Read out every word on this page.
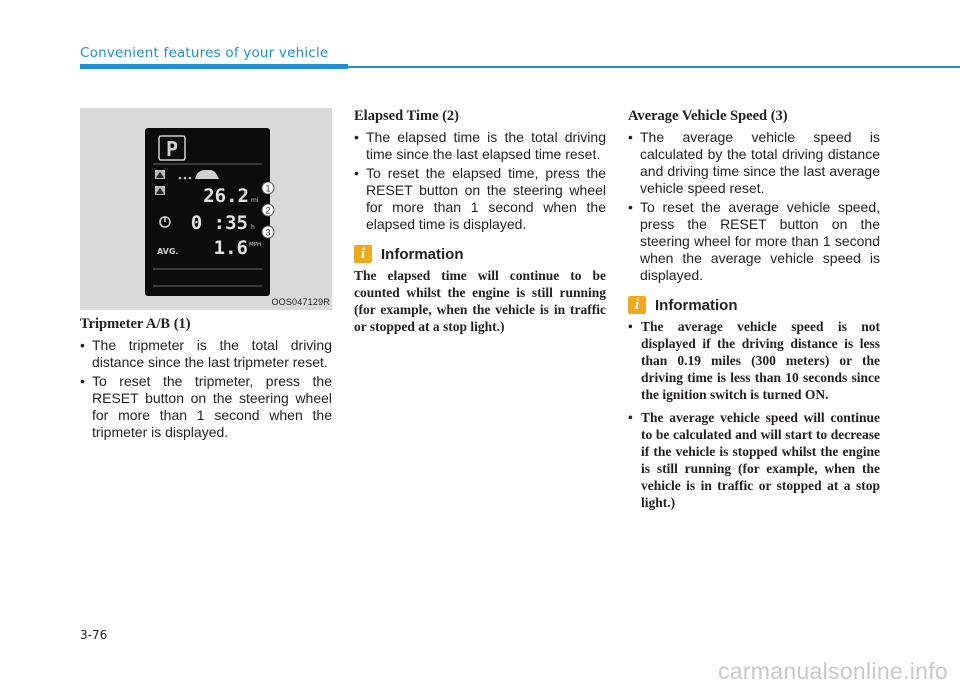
Convenient features of your vehicle
P
26.2 mi
0 :35 h
AVG. 1.6 MPH
1
2
3
OOS047129R
Tripmeter A/B (1)
• The tripmeter is the total driving distance since the last tripmeter reset.
• To reset the tripmeter, press the RESET button on the steering wheel for more than 1 second when the tripmeter is displayed.
Elapsed Time (2)
• The elapsed time is the total driving time since the last elapsed time reset.
• To reset the elapsed time, press the RESET button on the steering wheel for more than 1 second when the elapsed time is displayed.
i	Information

The elapsed time will continue to be counted whilst the engine is still running (for example, when the vehicle is in traffic or stopped at a stop light.)

Average Vehicle Speed (3)
• The average vehicle speed is calculated by the total driving distance and driving time since the last average vehicle speed reset.
• To reset the average vehicle speed, press the RESET button on the steering wheel for more than 1 second when the average vehicle speed is displayed.
i	Information
• The average vehicle speed is not displayed if the driving distance is less than 0.19 miles (300 meters) or the driving time is less than 10 seconds since the ignition switch is turned ON.
• The average vehicle speed will continue to be calculated and will start to decrease if the vehicle is stopped whilst the engine is still running (for example, when the vehicle is in traffic or stopped at a stop light.)
3-76
carmanualsonline.info
